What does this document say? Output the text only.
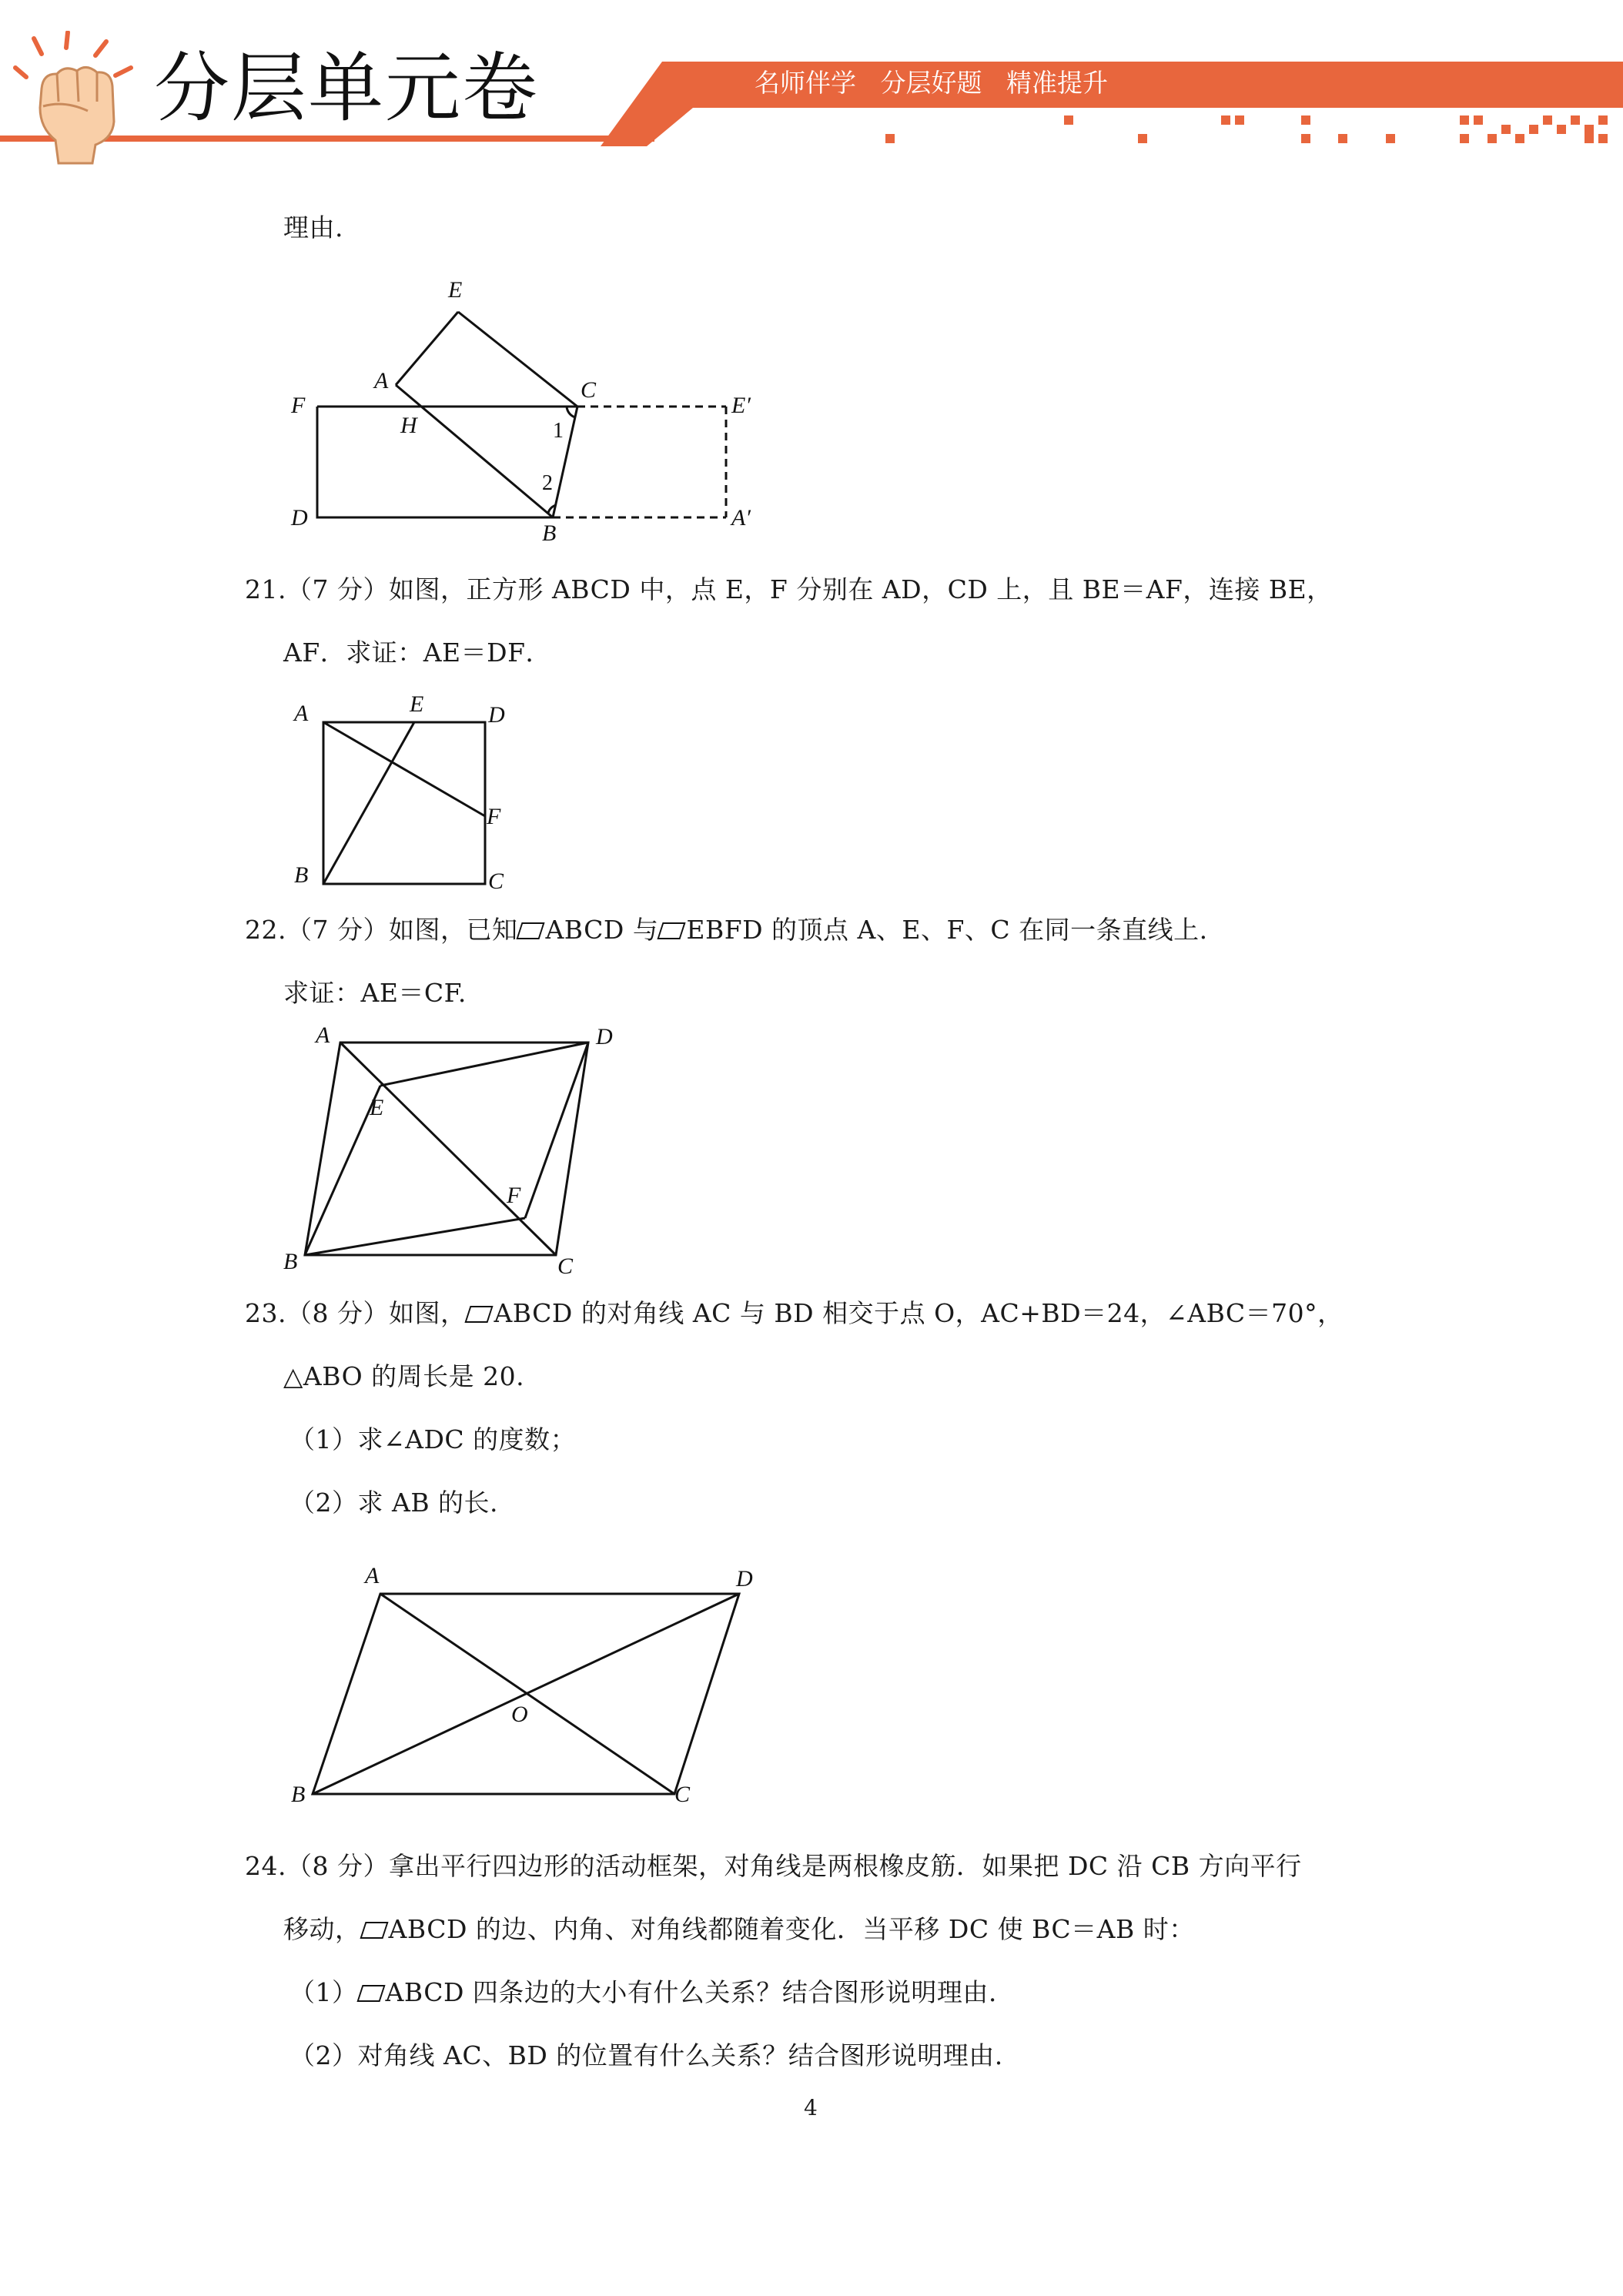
分层单元卷	名师伴学   分层好题   精准提升
理由.
E
A	C
F
H	1
2
E′
D
B
A′
21.（7 分）如图，正方形 ABCD 中，点 E，F 分别在 AD，CD 上，且 BE＝AF，连接 BE，
AF．求证：AE＝DF．
A	E	D
F
B	C
22.（7 分）如图，已知 ABCD 与 EBFD 的顶点 A、E、F、C 在同一条直线上.
求证：AE＝CF.
A	D
E
F
B	C
23.（8 分）如图， ABCD 的对角线 AC 与 BD 相交于点 O，AC+BD＝24，∠ABC＝70°，
△ABO 的周长是 20.
（1）求∠ADC 的度数；
（2）求 AB 的长.
A	D
O
B	C
24.（8 分）拿出平行四边形的活动框架，对角线是两根橡皮筋．如果把 DC 沿 CB 方向平行
移动， ABCD 的边、内角、对角线都随着变化．当平移 DC 使 BC＝AB 时：
（1） ABCD 四条边的大小有什么关系？结合图形说明理由.
（2）对角线 AC、BD 的位置有什么关系？结合图形说明理由.
4
